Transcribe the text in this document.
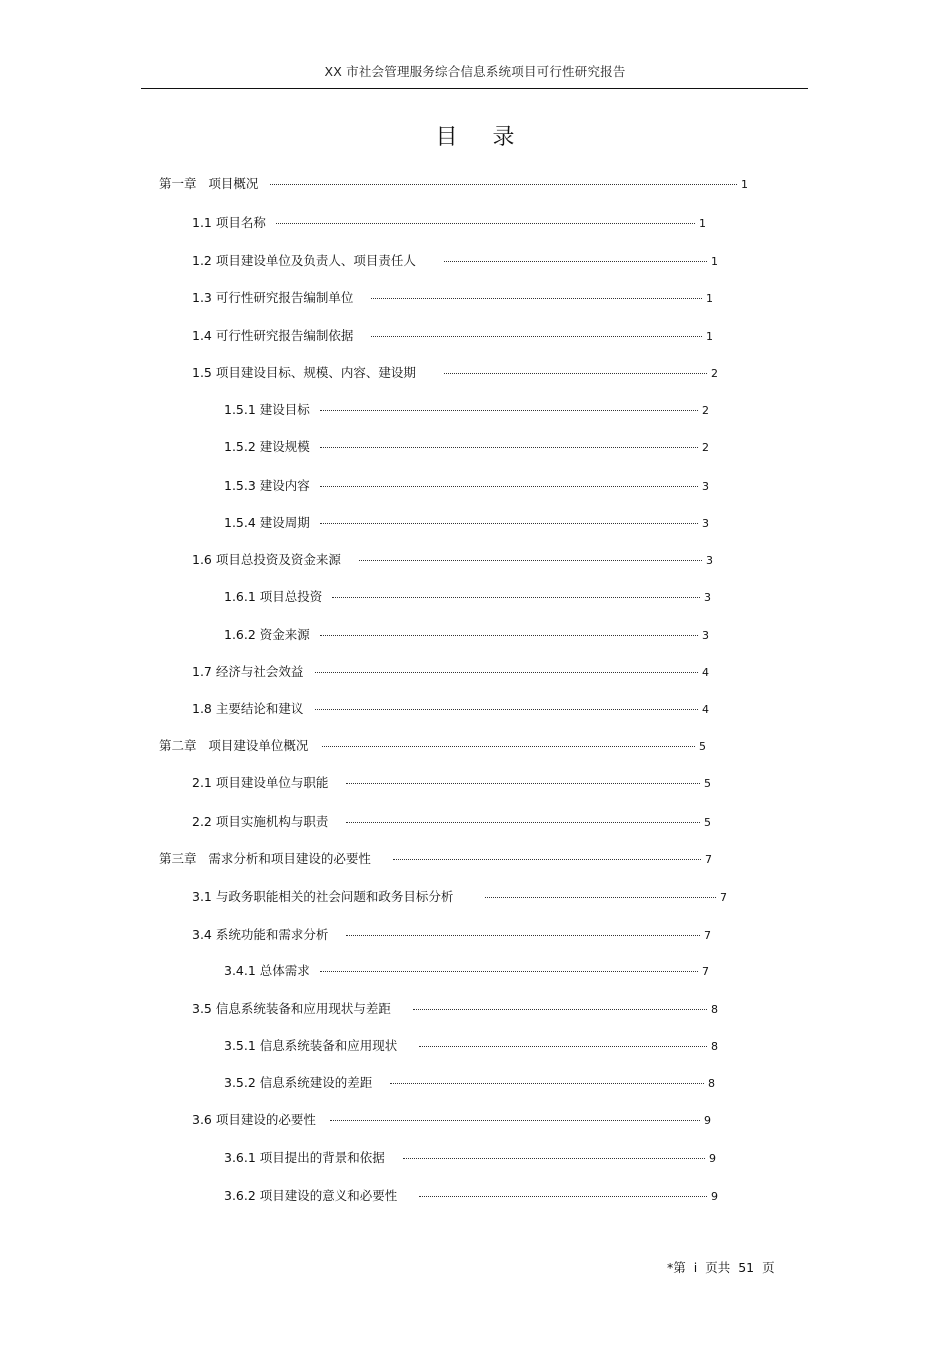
XX 市社会管理服务综合信息系统项目可行性研究报告
目 录
第一章   项目概况	1
1.1 项目名称	1
1.2 项目建设单位及负责人、项目责任人	1
1.3 可行性研究报告编制单位	1
1.4 可行性研究报告编制依据	1
1.5 项目建设目标、规模、内容、建设期	2
1.5.1 建设目标	2
1.5.2 建设规模	2
1.5.3 建设内容	3
1.5.4 建设周期	3
1.6 项目总投资及资金来源	3
1.6.1 项目总投资	3
1.6.2 资金来源	3
1.7 经济与社会效益	4
1.8 主要结论和建议	4
第二章   项目建设单位概况	5
2.1 项目建设单位与职能	5
2.2 项目实施机构与职责	5
第三章   需求分析和项目建设的必要性	7
3.1 与政务职能相关的社会问题和政务目标分析	7
3.4 系统功能和需求分析	7
3.4.1 总体需求	7
3.5 信息系统装备和应用现状与差距	8
3.5.1 信息系统装备和应用现状	8
3.5.2 信息系统建设的差距	8
3.6 项目建设的必要性	9
3.6.1 项目提出的背景和依据	9
3.6.2 项目建设的意义和必要性	9
*第 i 页共 51 页
